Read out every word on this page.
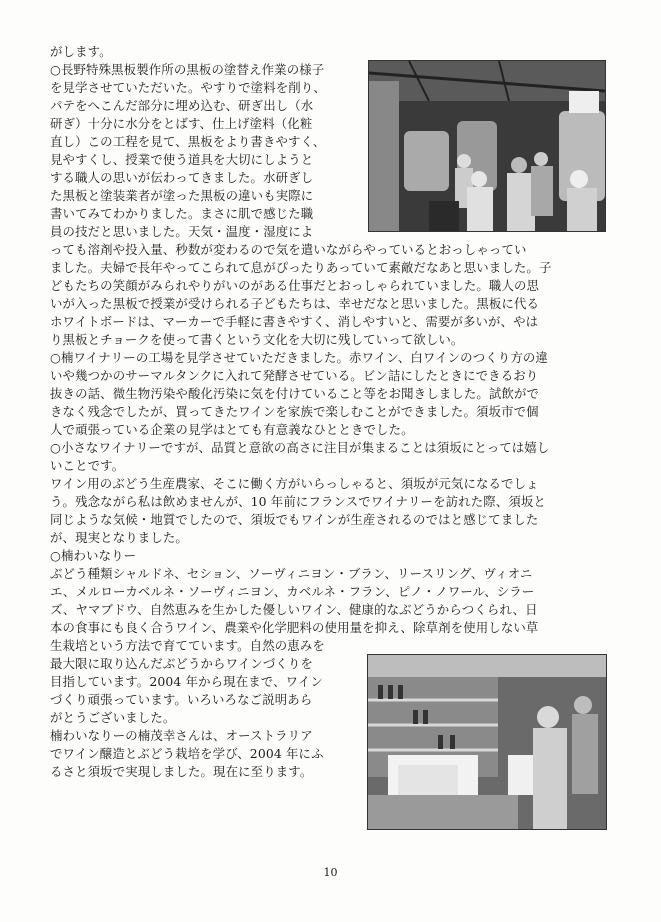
がします。
○長野特殊黒板製作所の黒板の塗替え作業の様子
を見学させていただいた。やすりで塗料を削り、
パテをへこんだ部分に埋め込む、研ぎ出し（水
研ぎ）十分に水分をとばす、仕上げ塗料（化粧
直し）この工程を見て、黒板をより書きやすく、
見やすくし、授業で使う道具を大切にしようと
する職人の思いが伝わってきました。水研ぎし
た黒板と塗装業者が塗った黒板の違いも実際に
書いてみてわかりました。まさに肌で感じた職
員の技だと思いました。天気・温度・湿度によ
っても溶剤や投入量、秒数が変わるので気を遣いながらやっているとおっしゃってい
ました。夫婦で長年やってこられて息がぴったりあっていて素敵だなあと思いました。子
どもたちの笑顔がみられやりがいのがある仕事だとおっしゃられていました。職人の思
いが入った黒板で授業が受けられる子どもたちは、幸せだなと思いました。黒板に代る
ホワイトボードは、マーカーで手軽に書きやすく、消しやすいと、需要が多いが、やは
り黒板とチョークを使って書くという文化を大切に残していって欲しい。
○楠ワイナリーの工場を見学させていただきました。赤ワイン、白ワインのつくり方の違
いや幾つかのサーマルタンクに入れて発酵させている。ビン詰にしたときにできるおり
抜きの話、微生物汚染や酸化汚染に気を付けていること等をお聞きしました。試飲がで
きなく残念でしたが、買ってきたワインを家族で楽しむことができました。須坂市で個
人で頑張っている企業の見学はとても有意義なひとときでした。
○小さなワイナリーですが、品質と意欲の高さに注目が集まることは須坂にとっては嬉し
いことです。
ワイン用のぶどう生産農家、そこに働く方がいらっしゃると、須坂が元気になるでしょ
う。残念ながら私は飲めませんが、10 年前にフランスでワイナリーを訪れた際、須坂と
同じような気候・地質でしたので、須坂でもワインが生産されるのではと感じてました
が、現実となりました。
○楠わいなりー
ぶどう種類シャルドネ、セション、ソーヴィニヨン・ブラン、リースリング、ヴィオニ
エ、メルローカベルネ・ソーヴィニヨン、カベルネ・フラン、ピノ・ノワール、シラー
ズ、ヤマブドウ、自然恵みを生かした優しいワイン、健康的なぶどうからつくられ、日
本の食事にも良く合うワイン、農業や化学肥料の使用量を抑え、除草剤を使用しない草
生栽培という方法で育てています。自然の恵みを
最大限に取り込んだぶどうからワインづくりを
目指しています。2004 年から現在まで、ワイン
づくり頑張っています。いろいろなご説明あら
がとうございました。
楠わいなりーの楠茂幸さんは、オーストラリア
でワイン醸造とぶどう栽培を学び、2004 年にふ
るさと須坂で実現しました。現在に至ります。
10
